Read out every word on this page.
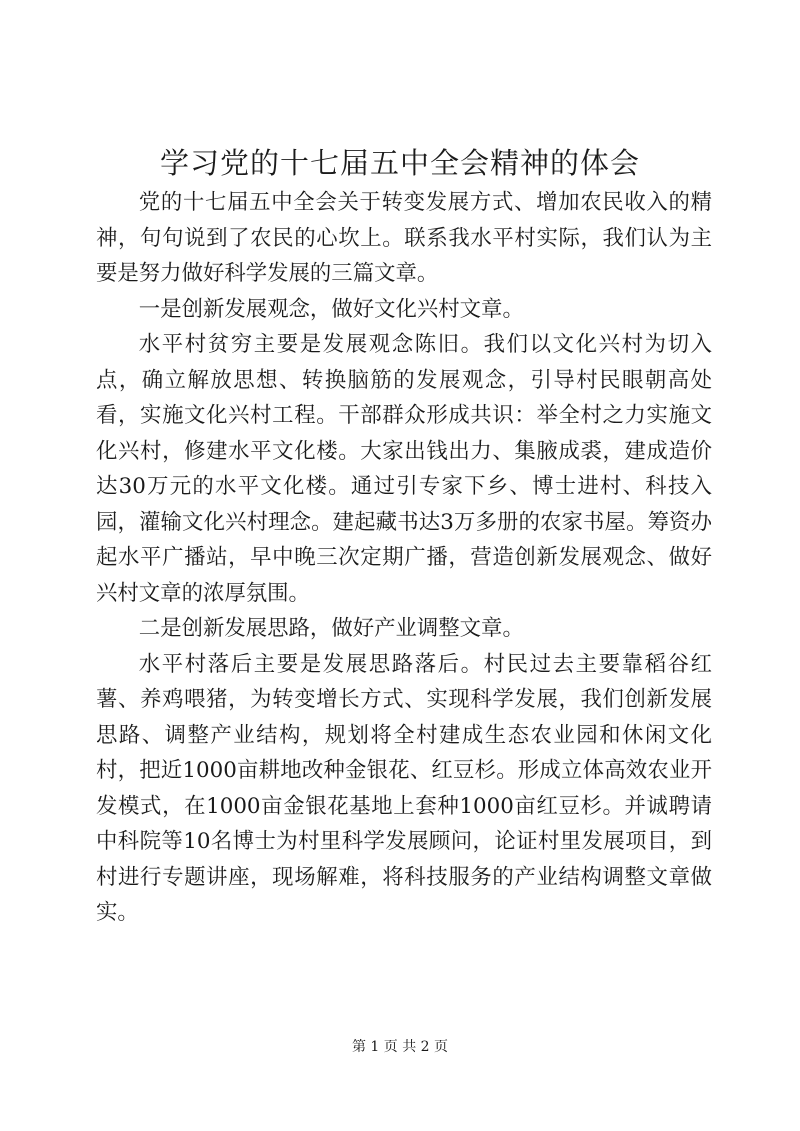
学习党的十七届五中全会精神的体会

党的十七届五中全会关于转变发展方式、增加农民收入的精神，句句说到了农民的心坎上。联系我水平村实际，我们认为主要是努力做好科学发展的三篇文章。

一是创新发展观念，做好文化兴村文章。

水平村贫穷主要是发展观念陈旧。我们以文化兴村为切入点，确立解放思想、转换脑筋的发展观念，引导村民眼朝高处看，实施文化兴村工程。干部群众形成共识：举全村之力实施文化兴村，修建水平文化楼。大家出钱出力、集腋成裘，建成造价达30万元的水平文化楼。通过引专家下乡、博士进村、科技入园，灌输文化兴村理念。建起藏书达3万多册的农家书屋。筹资办起水平广播站，早中晚三次定期广播，营造创新发展观念、做好兴村文章的浓厚氛围。

二是创新发展思路，做好产业调整文章。

水平村落后主要是发展思路落后。村民过去主要靠稻谷红薯、养鸡喂猪，为转变增长方式、实现科学发展，我们创新发展思路、调整产业结构，规划将全村建成生态农业园和休闲文化村，把近1000亩耕地改种金银花、红豆杉。形成立体高效农业开发模式，在1000亩金银花基地上套种1000亩红豆杉。并诚聘请中科院等10名博士为村里科学发展顾问，论证村里发展项目，到村进行专题讲座，现场解难，将科技服务的产业结构调整文章做实。

第 1 页 共 2 页
